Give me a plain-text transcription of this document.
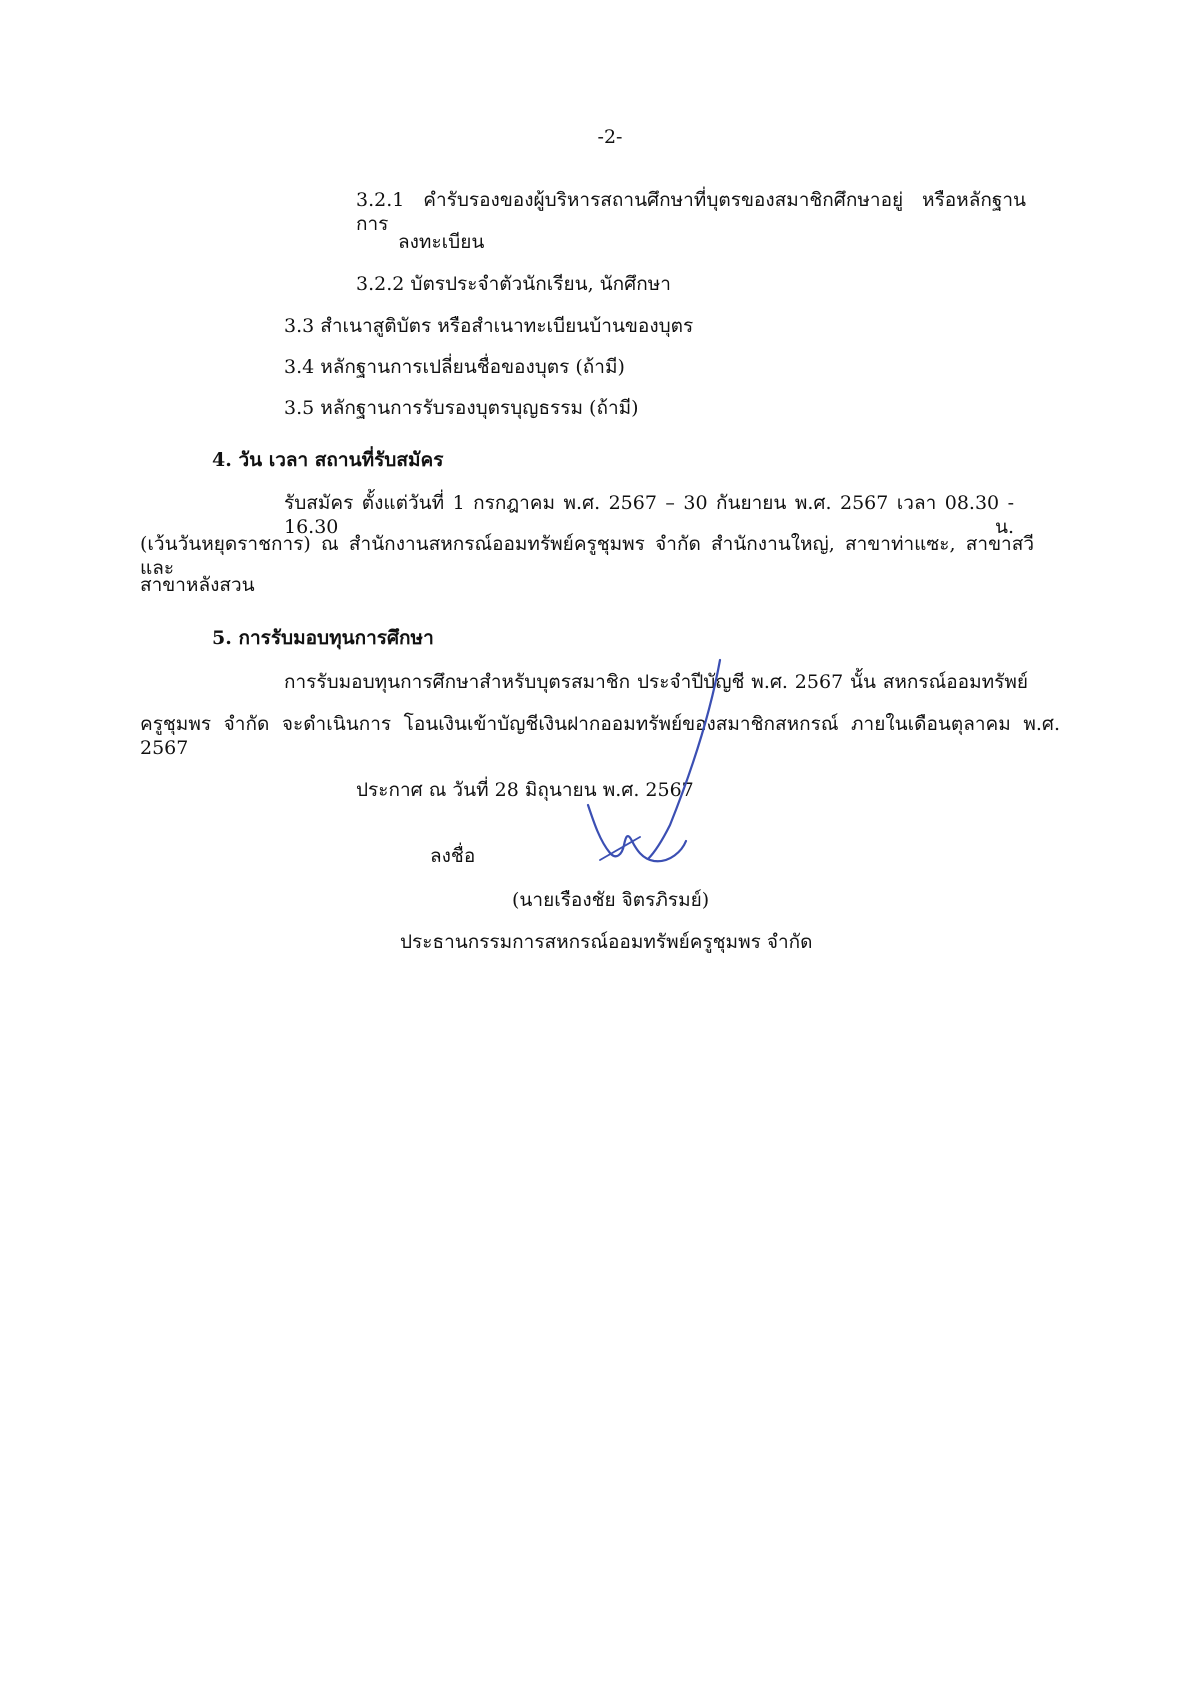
-2-
3.2.1 คำรับรองของผู้บริหารสถานศึกษาที่บุตรของสมาชิกศึกษาอยู่ หรือหลักฐานการ
ลงทะเบียน
3.2.2 บัตรประจำตัวนักเรียน, นักศึกษา
3.3 สำเนาสูติบัตร หรือสำเนาทะเบียนบ้านของบุตร
3.4 หลักฐานการเปลี่ยนชื่อของบุตร (ถ้ามี)
3.5 หลักฐานการรับรองบุตรบุญธรรม (ถ้ามี)
4. วัน เวลา สถานที่รับสมัคร
รับสมัคร ตั้งแต่วันที่ 1 กรกฎาคม พ.ศ. 2567 – 30 กันยายน พ.ศ. 2567 เวลา 08.30 - 16.30 น.
(เว้นวันหยุดราชการ) ณ สำนักงานสหกรณ์ออมทรัพย์ครูชุมพร จำกัด สำนักงานใหญ่, สาขาท่าแซะ, สาขาสวี และ
สาขาหลังสวน
5. การรับมอบทุนการศึกษา
การรับมอบทุนการศึกษาสำหรับบุตรสมาชิก ประจำปีบัญชี พ.ศ. 2567 นั้น สหกรณ์ออมทรัพย์
ครูชุมพร จำกัด จะดำเนินการ โอนเงินเข้าบัญชีเงินฝากออมทรัพย์ของสมาชิกสหกรณ์ ภายในเดือนตุลาคม พ.ศ. 2567
ประกาศ ณ วันที่ 28 มิถุนายน พ.ศ. 2567
ลงชื่อ
(นายเรืองชัย จิตรภิรมย์)
ประธานกรรมการสหกรณ์ออมทรัพย์ครูชุมพร จำกัด
